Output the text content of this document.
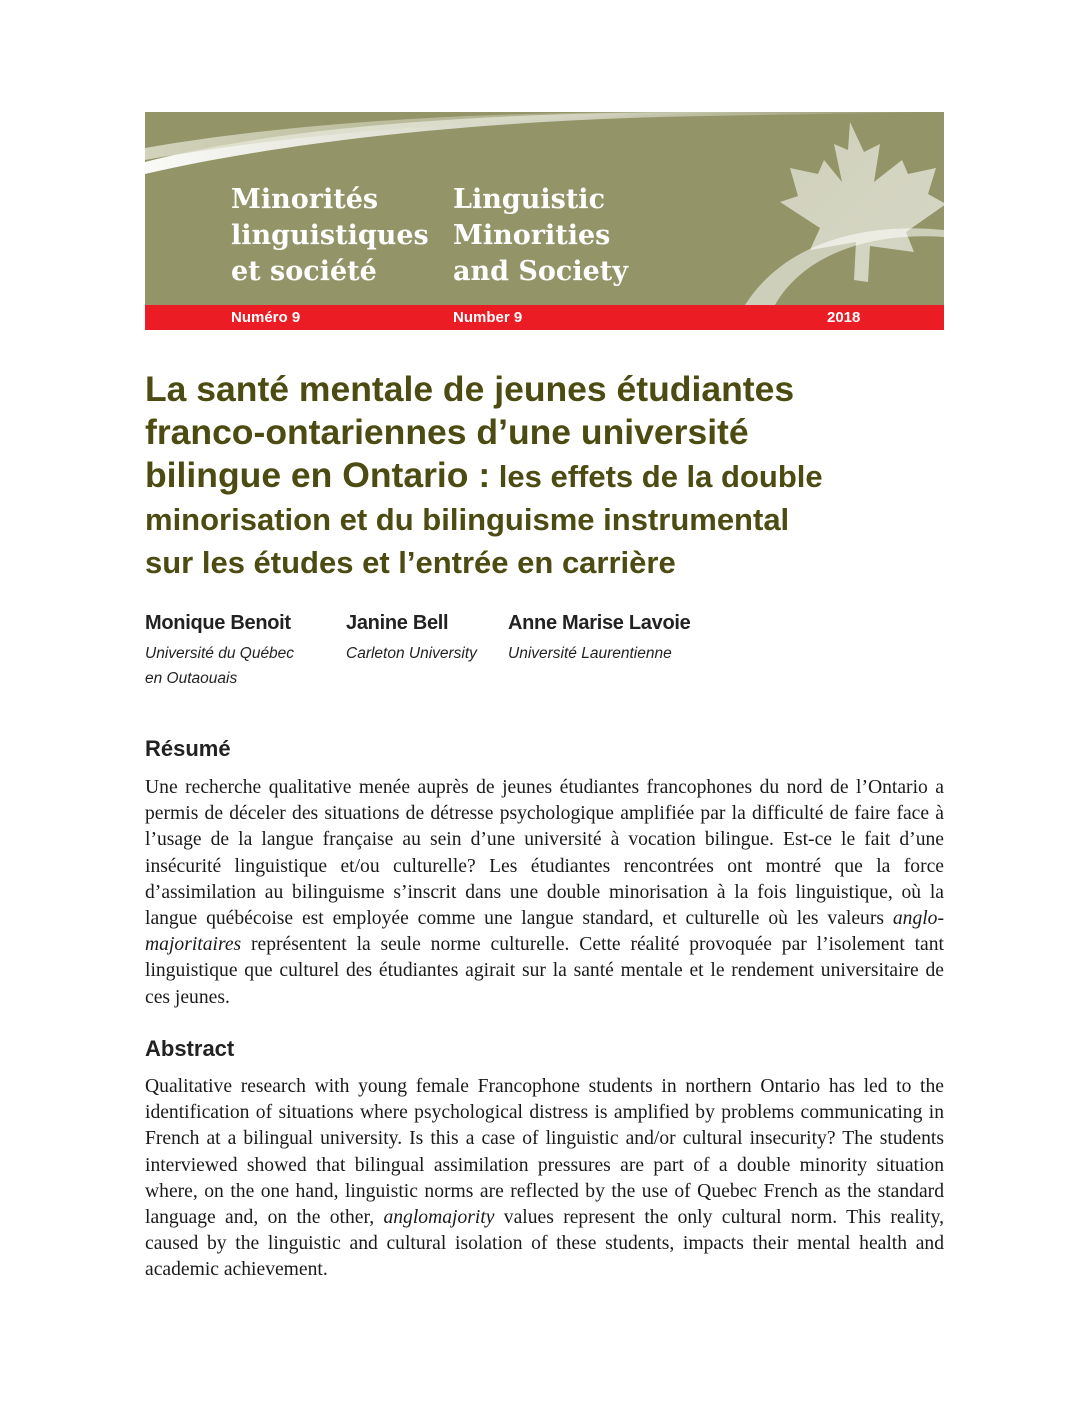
Minorités
linguistiques
et société
Linguistic
Minorities
and Society
Numéro 9	Number 9	2018
La santé mentale de jeunes étudiantes
franco-ontariennes d’une université
bilingue en Ontario : les effets de la double
minorisation et du bilinguisme instrumental
sur les études et l’entrée en carrière
Monique Benoit
Université du Québec
en Outaouais
Janine Bell
Carleton University
Anne Marise Lavoie
Université Laurentienne
Résumé

Une recherche qualitative menée auprès de jeunes étudiantes francophones du nord de l’Ontario a permis de déceler des situations de détresse psychologique amplifiée par la difficulté de faire face à l’usage de la langue française au sein d’une université à vocation bilingue. Est-ce le fait d’une insécurité linguistique et/ou culturelle? Les étudiantes rencontrées ont montré que la force d’assimilation au bilinguisme s’inscrit dans une double minorisation à la fois linguistique, où la langue québécoise est employée comme une langue standard, et culturelle où les valeurs anglo-majoritaires représentent la seule norme culturelle. Cette réalité provoquée par l’isolement tant linguistique que culturel des étudiantes agirait sur la santé mentale et le rendement universitaire de ces jeunes.

Abstract

Qualitative research with young female Francophone students in northern Ontario has led to the identification of situations where psychological distress is amplified by problems communicating in French at a bilingual university. Is this a case of linguistic and/or cultural insecurity? The students interviewed showed that bilingual assimilation pressures are part of a double minority situation where, on the one hand, linguistic norms are reflected by the use of Quebec French as the standard language and, on the other, anglomajority values represent the only cultural norm. This reality, caused by the linguistic and cultural isolation of these students, impacts their mental health and academic achievement.
